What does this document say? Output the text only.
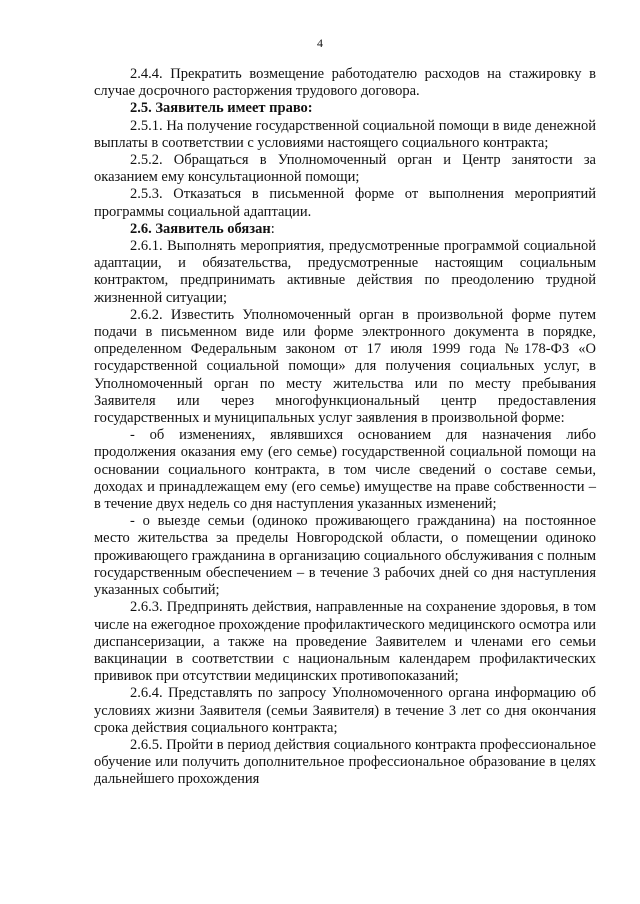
4

2.4.4. Прекратить возмещение работодателю расходов на стажировку в случае досрочного расторжения трудового договора.

2.5. Заявитель имеет право:

2.5.1. На получение государственной социальной помощи в виде денежной выплаты в соответствии с условиями настоящего социального контракта;

2.5.2. Обращаться в Уполномоченный орган и Центр занятости за оказанием ему консультационной помощи;

2.5.3. Отказаться в письменной форме от выполнения мероприятий программы социальной адаптации.

2.6. Заявитель обязан:

2.6.1. Выполнять мероприятия, предусмотренные программой социальной адаптации, и обязательства, предусмотренные настоящим социальным контрактом, предпринимать активные действия по преодолению трудной жизненной ситуации;

2.6.2. Известить Уполномоченный орган в произвольной форме путем подачи в письменном виде или форме электронного документа в порядке, определенном Федеральным законом от 17 июля 1999 года №178-ФЗ «О государственной социальной помощи» для получения социальных услуг, в Уполномоченный орган по месту жительства или по месту пребывания Заявителя или через многофункциональный центр предоставления государственных и муниципальных услуг заявления в произвольной форме:

- об изменениях, являвшихся основанием для назначения либо продолжения оказания ему (его семье) государственной социальной помощи на основании социального контракта, в том числе сведений о составе семьи, доходах и принадлежащем ему (его семье) имуществе на праве собственности – в течение двух недель со дня наступления указанных изменений;

- о выезде семьи (одиноко проживающего гражданина) на постоянное место жительства за пределы Новгородской области, о помещении одиноко проживающего гражданина в организацию социального обслуживания с полным государственным обеспечением – в течение 3 рабочих дней со дня наступления указанных событий;

2.6.3. Предпринять действия, направленные на сохранение здоровья, в том числе на ежегодное прохождение профилактического медицинского осмотра или диспансеризации, а также на проведение Заявителем и членами его семьи вакцинации в соответствии с национальным календарем профилактических прививок при отсутствии медицинских противопоказаний;

2.6.4. Представлять по запросу Уполномоченного органа информацию об условиях жизни Заявителя (семьи Заявителя) в течение 3 лет со дня окончания срока действия социального контракта;

2.6.5. Пройти в период действия социального контракта профессиональное обучение или получить дополнительное профессиональное образование в целях дальнейшего прохождения
